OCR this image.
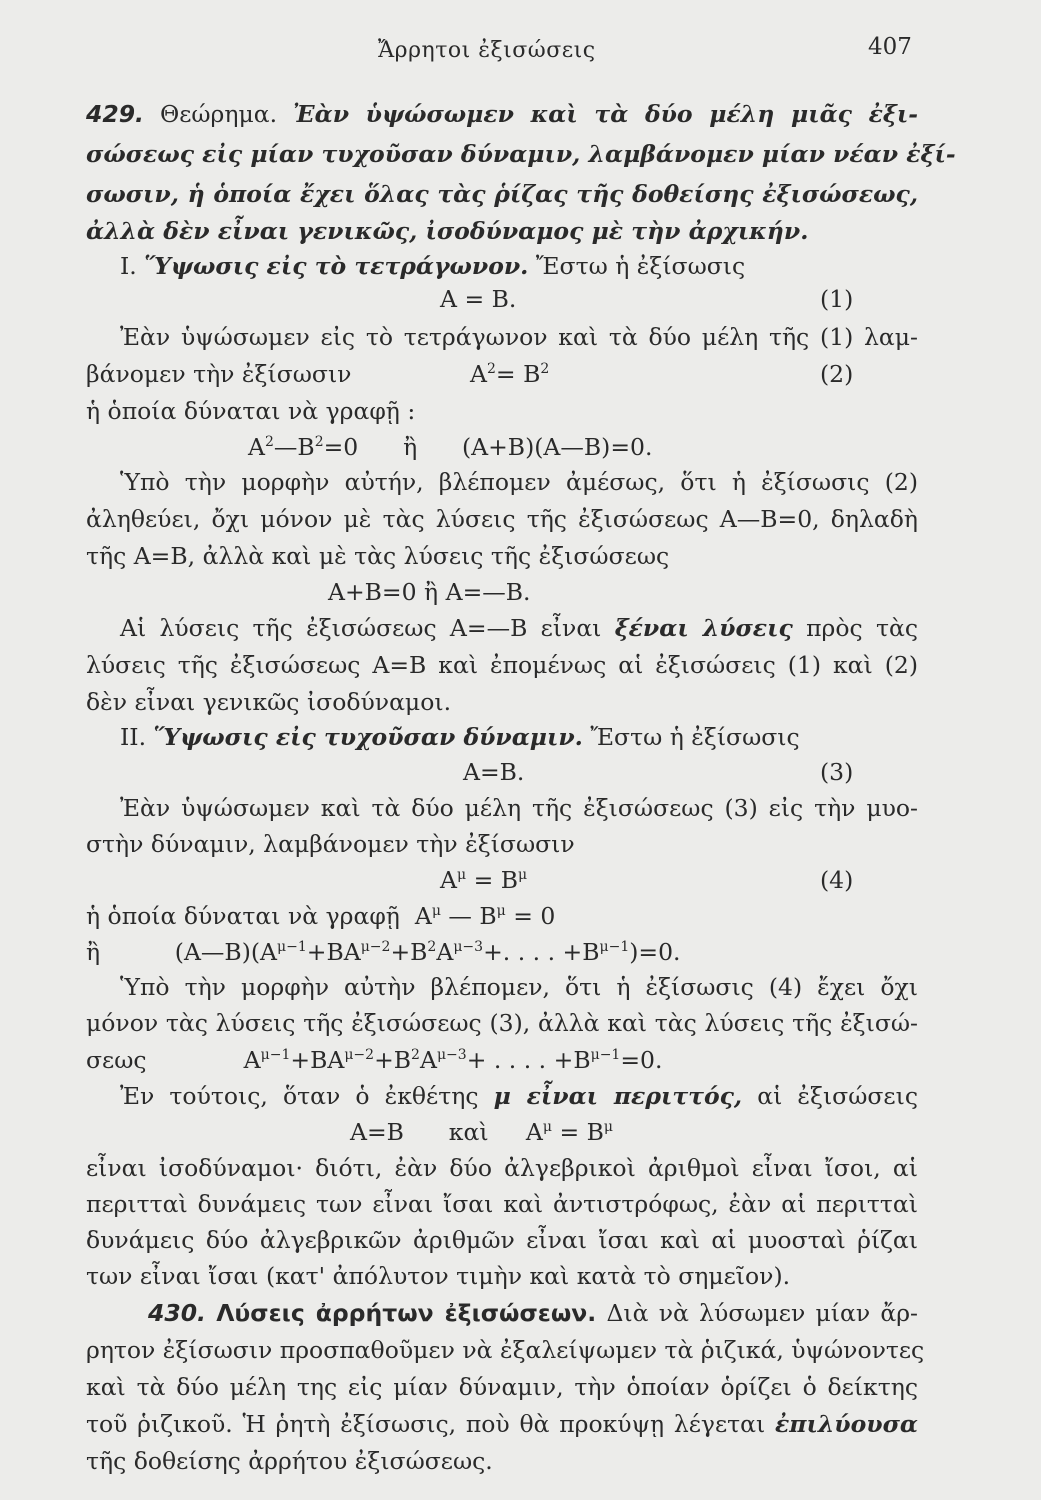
Ἄρρητοι ἐξισώσεις	407
429. Θεώρημα. Ἐὰν ὑψώσωμεν καὶ τὰ δύο μέλη μιᾶς ἐξι-
σώσεως εἰς μίαν τυχοῦσαν δύναμιν, λαμβάνομεν μίαν νέαν ἐξί-
σωσιν, ἡ ὁποία ἔχει ὅλας τὰς ῥίζας τῆς δοθείσης ἐξισώσεως,
ἀλλὰ δὲν εἶναι γενικῶς, ἰσοδύναμος μὲ τὴν ἀρχικήν.
I. Ὕψωσις εἰς τὸ τετράγωνον. Ἔστω ἡ ἐξίσωσις
A = B.	(1)
Ἐὰν ὑψώσωμεν εἰς τὸ τετράγωνον καὶ τὰ δύο μέλη τῆς (1) λαμ-
βάνομεν τὴν ἐξίσωσιν	$A^2= B^2$	(2)
ἡ ὁποία δύναται νὰ γραφῇ :
$A^2—B^2=0$      ἢ      (A+B)(A—B)=0.
Ὑπὸ τὴν μορφὴν αὐτήν, βλέπομεν ἀμέσως, ὅτι ἡ ἐξίσωσις (2)
ἀληθεύει, ὄχι μόνον μὲ τὰς λύσεις τῆς ἐξισώσεως A—B=0, δηλαδὴ
τῆς A=B, ἀλλὰ καὶ μὲ τὰς λύσεις τῆς ἐξισώσεως
A+B=0 ἢ A=—B.
Αἱ λύσεις τῆς ἐξισώσεως A=—B εἶναι ξέναι λύσεις πρὸς τὰς
λύσεις τῆς ἐξισώσεως A=B καὶ ἐπομένως αἱ ἐξισώσεις (1) καὶ (2)
δὲν εἶναι γενικῶς ἰσοδύναμοι.
II. Ὕψωσις εἰς τυχοῦσαν δύναμιν. Ἔστω ἡ ἐξίσωσις
A=B.	(3)
Ἐὰν ὑψώσωμεν καὶ τὰ δύο μέλη τῆς ἐξισώσεως (3) εἰς τὴν μυο-
στὴν δύναμιν, λαμβάνομεν τὴν ἐξίσωσιν
$A^\mu = B^\mu$	(4)
ἡ ὁποία δύναται νὰ γραφῇ  $A^\mu$ — $B^\mu = 0$
ἢ          $(A—B)(A^{\mu-1}+BA^{\mu-2}+B^2A^{\mu-3}+$. . . . $+B^{\mu-1})=0$.
Ὑπὸ τὴν μορφὴν αὐτὴν βλέπομεν, ὅτι ἡ ἐξίσωσις (4) ἔχει ὄχι
μόνον τὰς λύσεις τῆς ἐξισώσεως (3), ἀλλὰ καὶ τὰς λύσεις τῆς ἐξισώ-
σεως             $A^{\mu-1}+BA^{\mu-2}+B^2A^{\mu-3}+$ . . . . $+B^{\mu-1}=0$.
Ἐν τούτοις, ὅταν ὁ ἐκθέτης μ εἶναι περιττός, αἱ ἐξισώσεις
A=B καὶ     $A^\mu = B^\mu$
εἶναι ἰσοδύναμοι· διότι, ἐὰν δύο ἀλγεβρικοὶ ἀριθμοὶ εἶναι ἴσοι, αἱ
περιτταὶ δυνάμεις των εἶναι ἴσαι καὶ ἀντιστρόφως, ἐὰν αἱ περιτταὶ
δυνάμεις δύο ἀλγεβρικῶν ἀριθμῶν εἶναι ἴσαι καὶ αἱ μυοσταὶ ῥίζαι
των εἶναι ἴσαι (κατ' ἀπόλυτον τιμὴν καὶ κατὰ τὸ σημεῖον).
430. Λύσεις ἀρρήτων ἐξισώσεων. Διὰ νὰ λύσωμεν μίαν ἄρ-
ρητον ἐξίσωσιν προσπαθοῦμεν νὰ ἐξαλείψωμεν τὰ ῥιζικά, ὑψώνοντες
καὶ τὰ δύο μέλη της εἰς μίαν δύναμιν, τὴν ὁποίαν ὁρίζει ὁ δείκτης
τοῦ ῥιζικοῦ. Ἡ ῥητὴ ἐξίσωσις, ποὺ θὰ προκύψῃ λέγεται ἐπιλύουσα
τῆς δοθείσης ἀρρήτου ἐξισώσεως.
